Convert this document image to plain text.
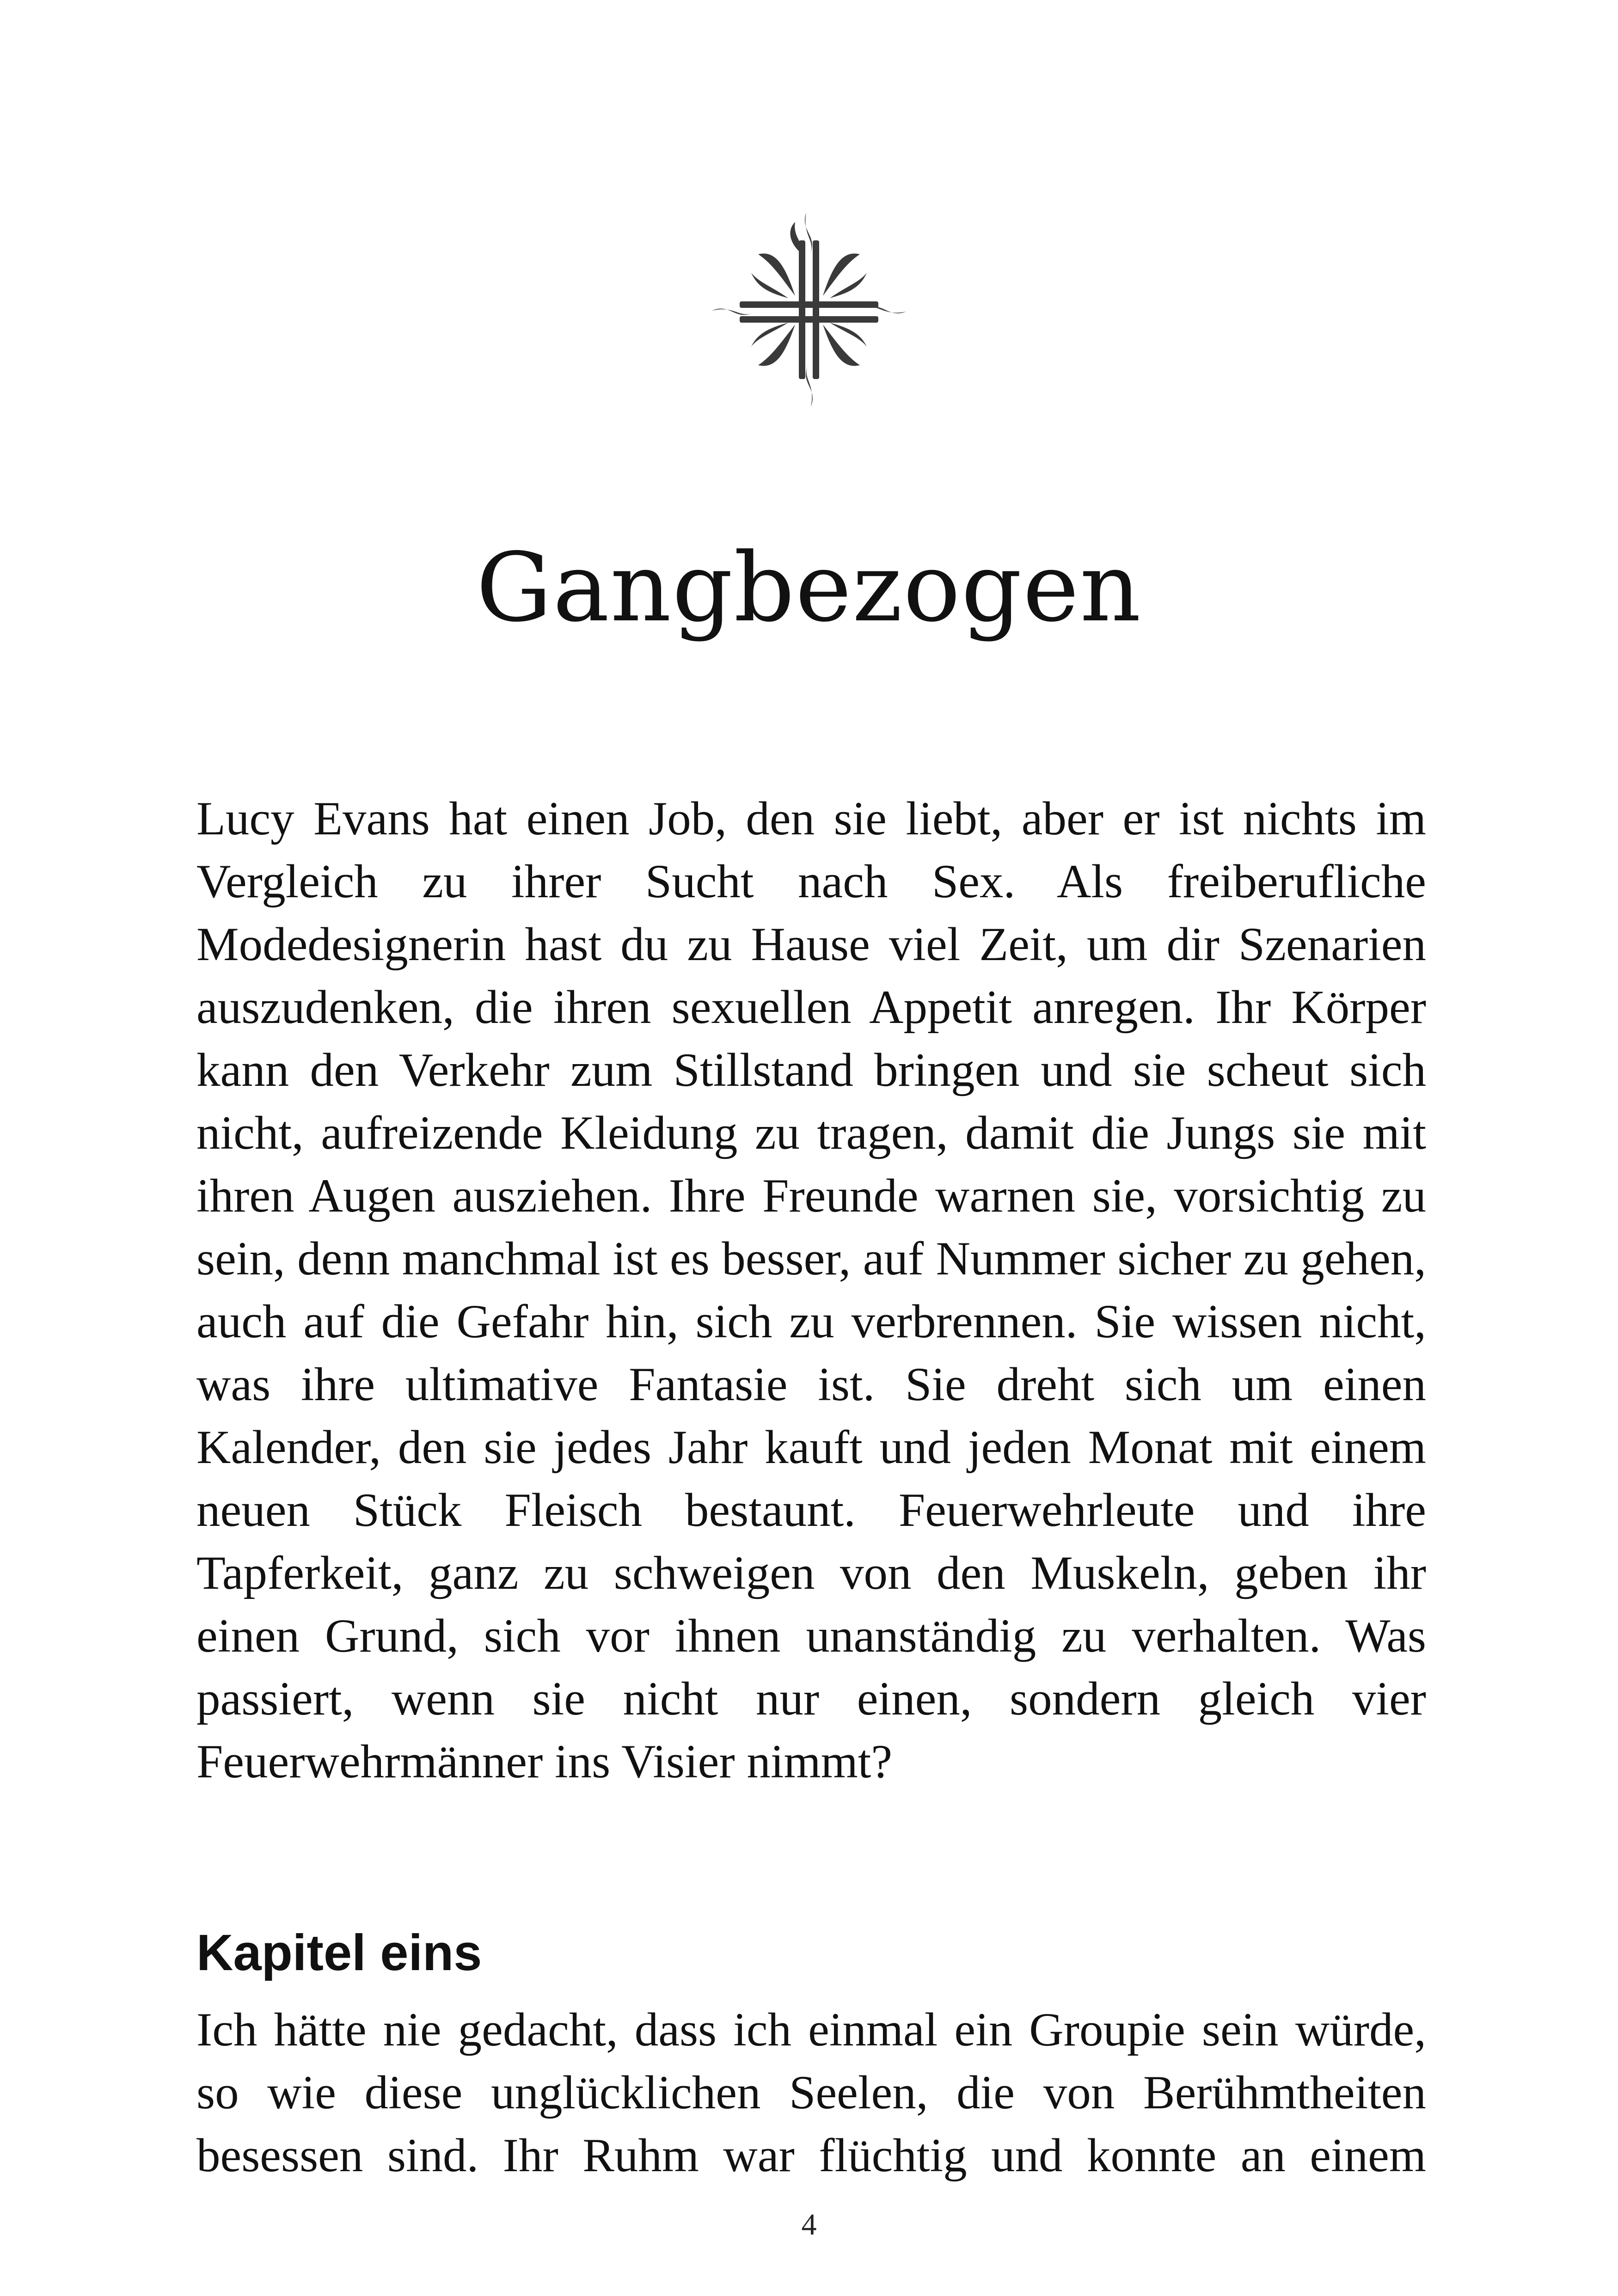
Gangbezogen

Lucy Evans hat einen Job, den sie liebt, aber er ist nichts im Vergleich zu ihrer Sucht nach Sex. Als freiberufliche Modedesignerin hast du zu Hause viel Zeit, um dir Szenarien auszudenken, die ihren sexuellen Appetit anregen. Ihr Körper kann den Verkehr zum Stillstand bringen und sie scheut sich nicht, aufreizende Kleidung zu tragen, damit die Jungs sie mit ihren Augen ausziehen. Ihre Freunde warnen sie, vorsichtig zu sein, denn manchmal ist es besser, auf Nummer sicher zu gehen, auch auf die Gefahr hin, sich zu verbrennen. Sie wissen nicht, was ihre ultimative Fantasie ist. Sie dreht sich um einen Kalender, den sie jedes Jahr kauft und jeden Monat mit einem neuen Stück Fleisch bestaunt. Feuerwehrleute und ihre Tapferkeit, ganz zu schweigen von den Muskeln, geben ihr einen Grund, sich vor ihnen unanständig zu verhalten. Was passiert, wenn sie nicht nur einen, sondern gleich vier Feuerwehrmänner ins Visier nimmt?

Kapitel eins

Ich hätte nie gedacht, dass ich einmal ein Groupie sein würde, so wie diese unglücklichen Seelen, die von Berühmtheiten besessen sind. Ihr Ruhm war flüchtig und konnte an einem

4
